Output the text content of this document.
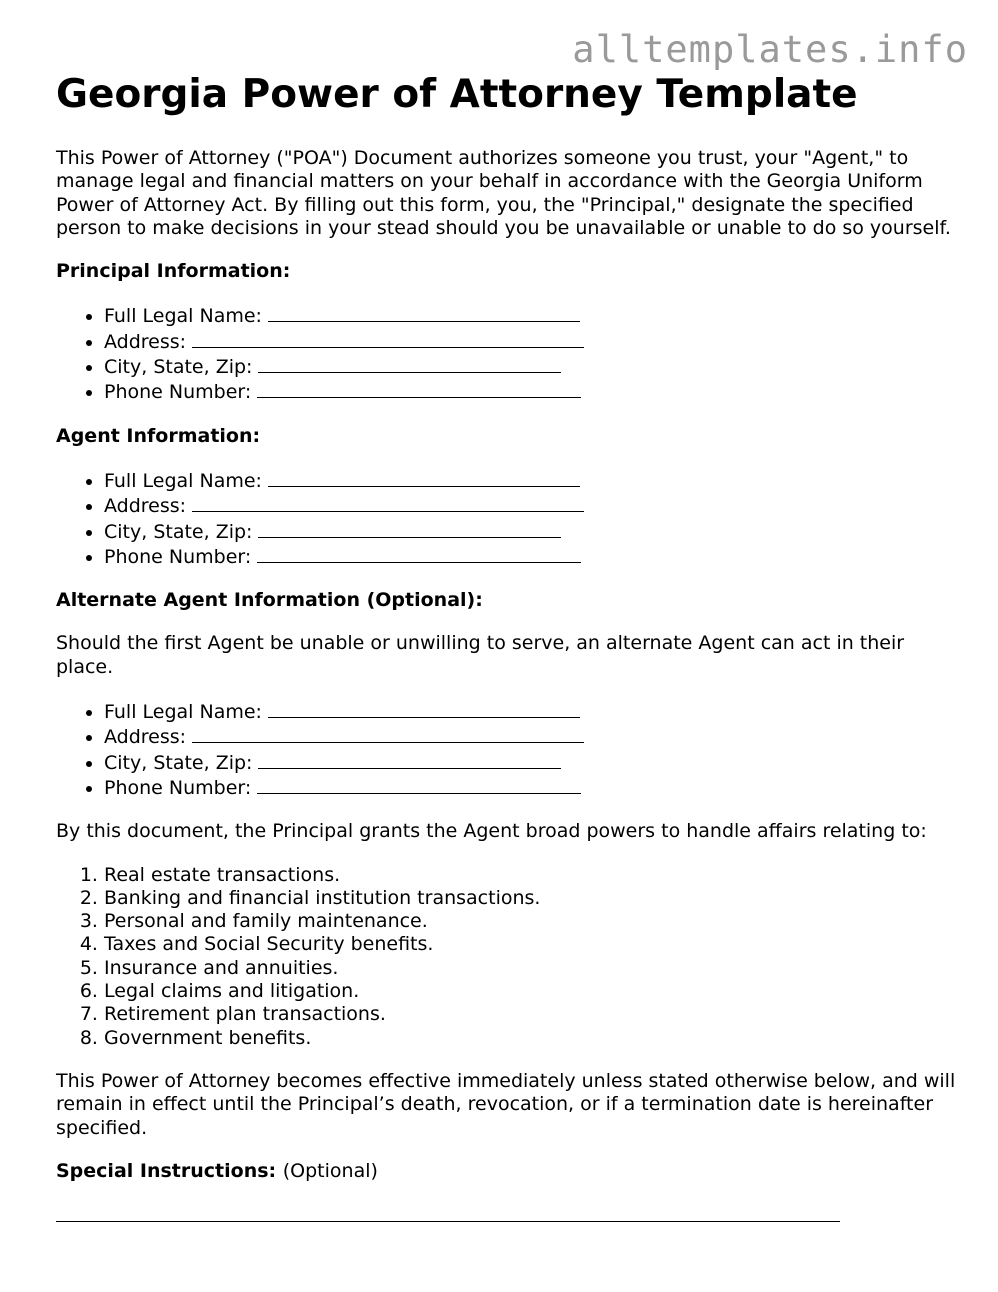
alltemplates.info
Georgia Power of Attorney Template

This Power of Attorney ("POA") Document authorizes someone you trust, your "Agent," to manage legal and financial matters on your behalf in accordance with the Georgia Uniform Power of Attorney Act. By filling out this form, you, the "Principal," designate the specified person to make decisions in your stead should you be unavailable or unable to do so yourself.

Principal Information:

• Full Legal Name:
• Address:
• City, State, Zip:
• Phone Number:

Agent Information:

• Full Legal Name:
• Address:
• City, State, Zip:
• Phone Number:

Alternate Agent Information (Optional):

Should the first Agent be unable or unwilling to serve, an alternate Agent can act in their place.

• Full Legal Name:
• Address:
• City, State, Zip:
• Phone Number:

By this document, the Principal grants the Agent broad powers to handle affairs relating to:

1. Real estate transactions.
2. Banking and financial institution transactions.
3. Personal and family maintenance.
4. Taxes and Social Security benefits.
5. Insurance and annuities.
6. Legal claims and litigation.
7. Retirement plan transactions.
8. Government benefits.

This Power of Attorney becomes effective immediately unless stated otherwise below, and will remain in effect until the Principal’s death, revocation, or if a termination date is hereinafter specified.

Special Instructions: (Optional)
